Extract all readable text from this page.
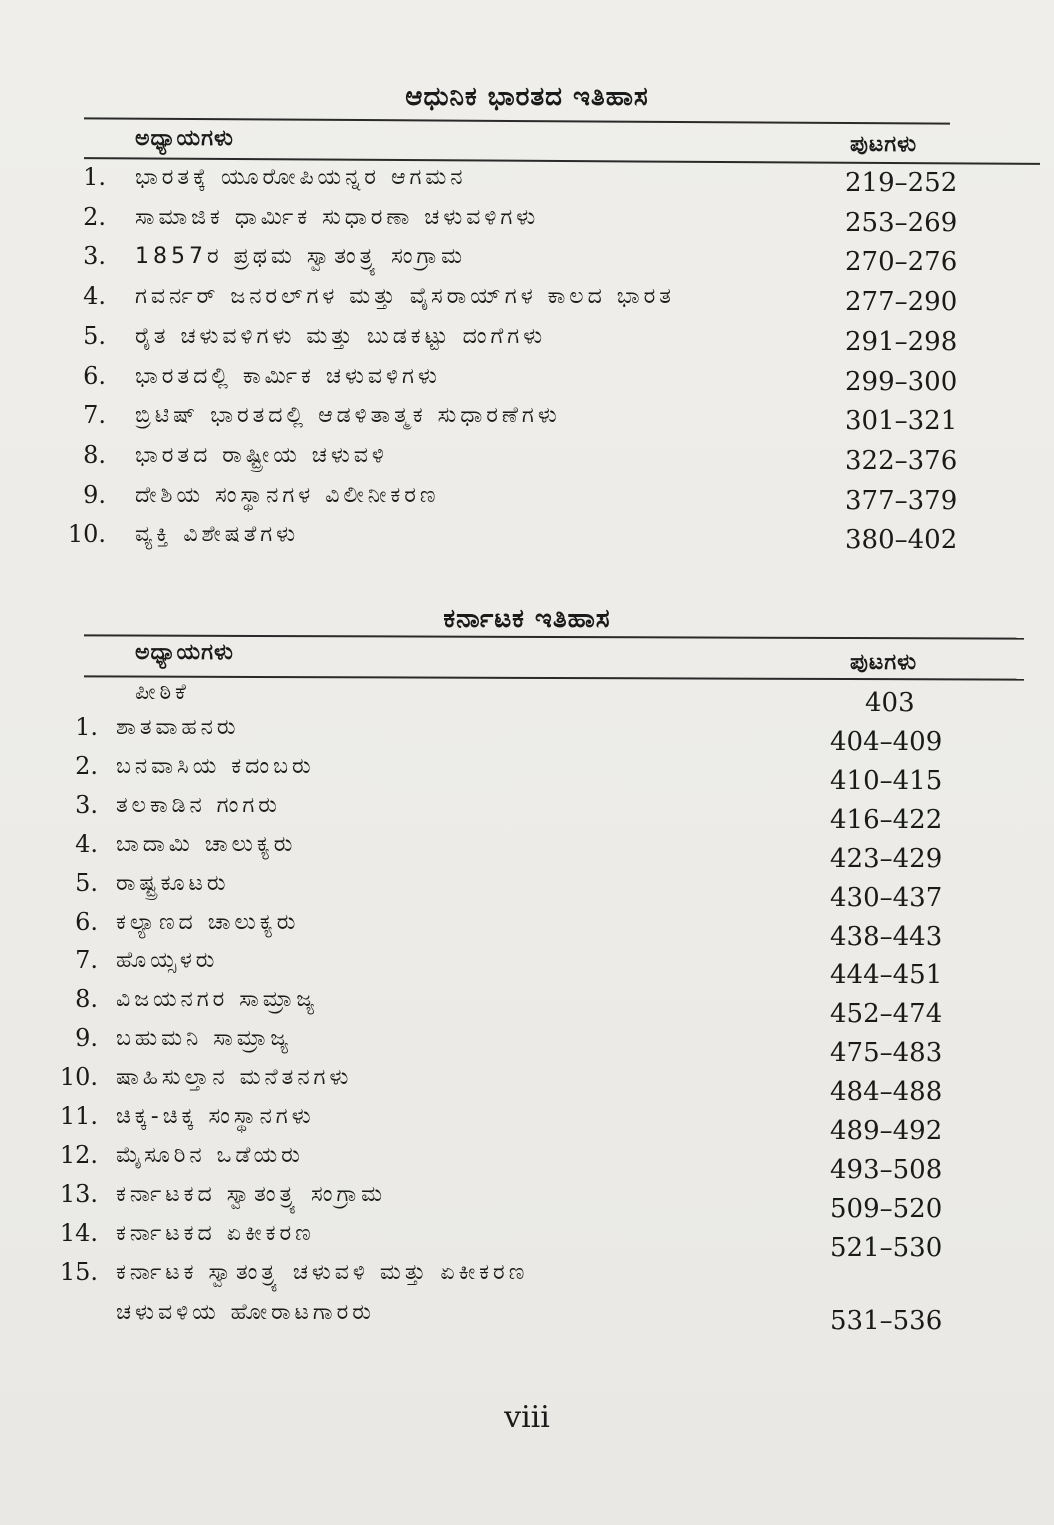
ಆಧುನಿಕ ಭಾರತದ ಇತಿಹಾಸ
ಅಧ್ಯಾಯಗಳು	ಪುಟಗಳು
1. ಭಾರತಕ್ಕೆ ಯೂರೋಪಿಯನ್ನರ ಆಗಮನ	219–252
2. ಸಾಮಾಜಿಕ ಧಾರ್ಮಿಕ ಸುಧಾರಣಾ ಚಳುವಳಿಗಳು	253–269
3. 1857ರ ಪ್ರಥಮ ಸ್ವಾತಂತ್ರ್ಯ ಸಂಗ್ರಾಮ	270–276
4. ಗವರ್ನರ್ ಜನರಲ್‌ಗಳ ಮತ್ತು ವೈಸರಾಯ್‌ಗಳ ಕಾಲದ ಭಾರತ	277–290
5. ರೈತ ಚಳುವಳಿಗಳು ಮತ್ತು ಬುಡಕಟ್ಟು ದಂಗೆಗಳು	291–298
6. ಭಾರತದಲ್ಲಿ ಕಾರ್ಮಿಕ ಚಳುವಳಿಗಳು	299–300
7. ಬ್ರಿಟಿಷ್ ಭಾರತದಲ್ಲಿ ಆಡಳಿತಾತ್ಮಕ ಸುಧಾರಣೆಗಳು	301–321
8. ಭಾರತದ ರಾಷ್ಟ್ರೀಯ ಚಳುವಳಿ	322–376
9. ದೇಶಿಯ ಸಂಸ್ಥಾನಗಳ ವಿಲೀನೀಕರಣ	377–379
10. ವ್ಯಕ್ತಿ ವಿಶೇಷತೆಗಳು	380–402
ಕರ್ನಾಟಕ ಇತಿಹಾಸ
ಅಧ್ಯಾಯಗಳು	ಪುಟಗಳು
ಪೀಠಿಕೆ	403
1. ಶಾತವಾಹನರು	404–409
2. ಬನವಾಸಿಯ ಕದಂಬರು	410–415
3. ತಲಕಾಡಿನ ಗಂಗರು	416–422
4. ಬಾದಾಮಿ ಚಾಲುಕ್ಯರು	423–429
5. ರಾಷ್ಟ್ರಕೂಟರು	430–437
6. ಕಲ್ಯಾಣದ ಚಾಲುಕ್ಯರು	438–443
7. ಹೊಯ್ಸಳರು	444–451
8. ವಿಜಯನಗರ ಸಾಮ್ರಾಜ್ಯ	452–474
9. ಬಹುಮನಿ ಸಾಮ್ರಾಜ್ಯ	475–483
10. ಷಾಹಿಸುಲ್ತಾನ ಮನೆತನಗಳು	484–488
11. ಚಿಕ್ಕ-ಚಿಕ್ಕ ಸಂಸ್ಥಾನಗಳು	489–492
12. ಮೈಸೂರಿನ ಒಡೆಯರು	493–508
13. ಕರ್ನಾಟಕದ ಸ್ವಾತಂತ್ರ್ಯ ಸಂಗ್ರಾಮ	509–520
14. ಕರ್ನಾಟಕದ ಏಕೀಕರಣ	521–530
15. ಕರ್ನಾಟಕ ಸ್ವಾತಂತ್ರ್ಯ ಚಳುವಳಿ ಮತ್ತು ಏಕೀಕರಣ
ಚಳುವಳಿಯ ಹೋರಾಟಗಾರರು	531–536
viii
